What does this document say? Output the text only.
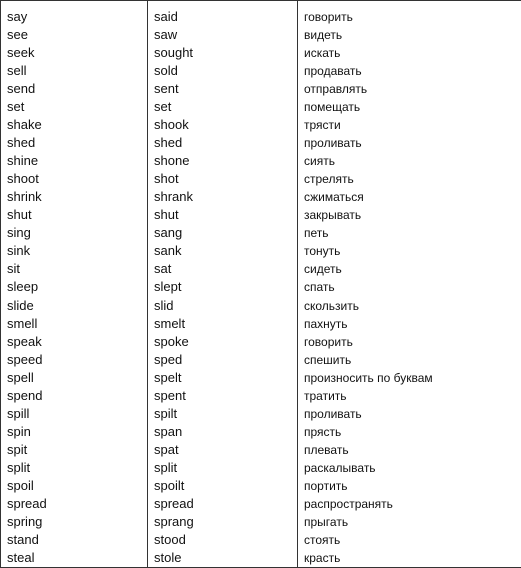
say	said	говорить
see	saw	видеть
seek	sought	искать
sell	sold	продавать
send	sent	отправлять
set	set	помещать
shake	shook	трясти
shed	shed	проливать
shine	shone	сиять
shoot	shot	стрелять
shrink	shrank	сжиматься
shut	shut	закрывать
sing	sang	петь
sink	sank	тонуть
sit	sat	сидеть
sleep	slept	спать
slide	slid	скользить
smell	smelt	пахнуть
speak	spoke	говорить
speed	sped	спешить
spell	spelt	произносить по буквам
spend	spent	тратить
spill	spilt	проливать
spin	span	прясть
spit	spat	плевать
split	split	раскалывать
spoil	spoilt	портить
spread	spread	распространять
spring	sprang	прыгать
stand	stood	стоять
steal	stole	красть
